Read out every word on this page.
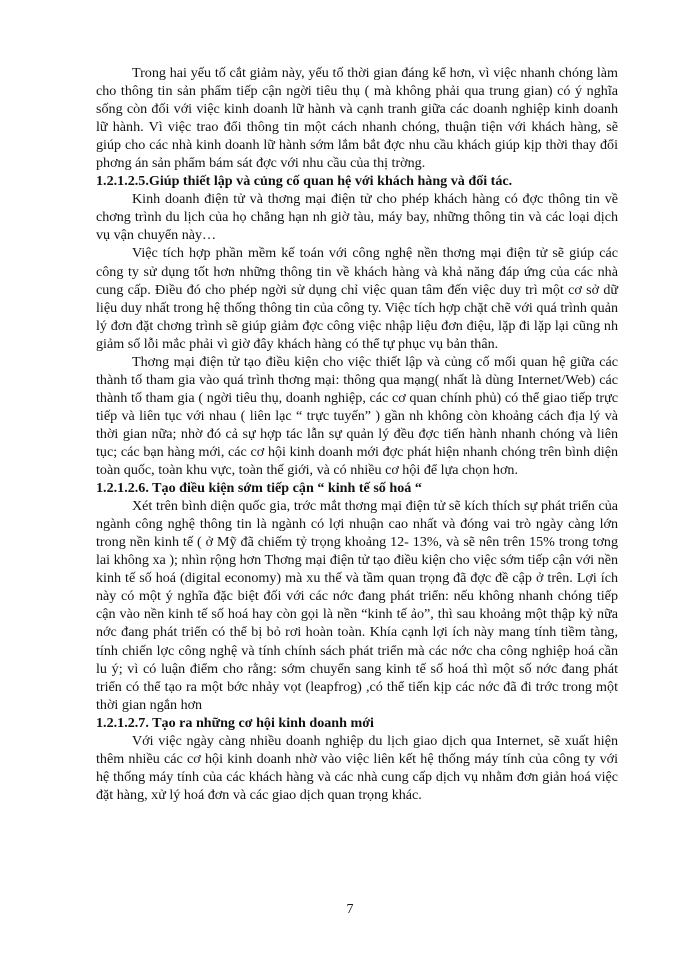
Trong hai yếu tố cắt giảm này, yếu tố thời gian đáng kể hơn, vì việc nhanh chóng làm cho thông tin sản phẩm tiếp cận ngời tiêu thụ ( mà không phải qua trung gian) có ý nghĩa sống còn đối với việc kinh doanh lữ hành và cạnh tranh giữa các doanh nghiệp kinh doanh lữ hành. Vì việc trao đổi thông tin một cách nhanh chóng, thuận tiện với khách hàng, sẽ giúp cho các nhà kinh doanh lữ hành sớm lắm bắt đợc nhu cầu khách giúp kịp thời thay đổi phơng án sản phẩm bám sát đợc với nhu cầu của thị trờng.

1.2.1.2.5.Giúp thiết lập và củng cố quan hệ với khách hàng và đối tác.

Kinh doanh điện tử và thơng mại điện tử cho phép khách hàng có đợc thông tin về chơng trình du lịch của họ chẳng hạn nh giờ tàu, máy bay, những thông tin và các loại dịch vụ vận chuyển này…

Việc tích hợp phần mềm kế toán với công nghệ nền thơng mại điện tử sẽ giúp các công ty sử dụng tốt hơn những thông tin về khách hàng và khả năng đáp ứng của các nhà cung cấp. Điều đó cho phép ngời sử dụng chỉ việc quan tâm đến việc duy trì một cơ sở dữ liệu duy nhất trong hệ thống thông tin của công ty. Việc tích hợp chặt chẽ với quá trình quản lý đơn đặt chơng trình sẽ giúp giảm đợc công việc nhập liệu đơn điệu, lặp đi lặp lại cũng nh giảm số lỗi mắc phải vì giờ đây khách hàng có thể tự phục vụ bản thân.

Thơng mại điện tử tạo điều kiện cho việc thiết lập và củng cố mối quan hệ giữa các thành tố tham gia vào quá trình thơng mại: thông qua mạng( nhất là dùng Internet/Web) các thành tố tham gia ( ngời tiêu thụ, doanh nghiệp, các cơ quan chính phủ) có thể giao tiếp trực tiếp và liên tục với nhau ( liên lạc “ trực tuyến” ) gần nh không còn khoảng cách địa lý và thời gian nữa; nhờ đó cả sự hợp tác lẫn sự quản lý đều đợc tiến hành nhanh chóng và liên tục; các bạn hàng mới, các cơ hội kinh doanh mới đợc phát hiện nhanh chóng trên bình diện toàn quốc, toàn khu vực, toàn thế giới, và có nhiều cơ hội để lựa chọn hơn.

1.2.1.2.6. Tạo điều kiện sớm tiếp cận “ kinh tế số hoá “

Xét trên bình diện quốc gia, trớc mắt thơng mại điện tử sẽ kích thích sự phát triển của ngành công nghệ thông tin là ngành có lợi nhuận cao nhất và đóng vai trò ngày càng lớn trong nền kinh tế ( ở Mỹ đã chiếm tỷ trọng khoảng 12- 13%, và sẽ nên trên 15% trong tơng lai không xa ); nhìn rộng hơn Thơng mại điện tử tạo điều kiện cho việc sớm tiếp cận với nền kinh tế số hoá (digital economy) mà xu thế và tầm quan trọng đã đợc đề cập ở trên. Lợi ích này có một ý nghĩa đặc biệt đối với các nớc đang phát triển: nếu không nhanh chóng tiếp cận vào nền kinh tế số hoá hay còn gọi là nền “kinh tế ảo”, thì sau khoảng một thập kỷ nữa nớc đang phát triển có thể bị bỏ rơi hoàn toàn. Khía cạnh lợi ích này mang tính tiềm tàng, tính chiến lợc công nghệ và tính chính sách phát triển mà các nớc cha công nghiệp hoá cần lu ý; vì có luận điểm cho rằng: sớm chuyển sang kinh tế số hoá thì một số nớc đang phát triển có thể tạo ra một bớc nhảy vọt (leapfrog) ,có thể tiến kịp các nớc đã đi trớc trong một thời gian ngắn hơn

1.2.1.2.7. Tạo ra những cơ hội kinh doanh mới

Với việc ngày càng nhiều doanh nghiệp du lịch giao dịch qua Internet, sẽ xuất hiện thêm nhiều các cơ hội kinh doanh nhờ vào việc liên kết hệ thống máy tính của công ty với hệ thống máy tính của các khách hàng và các nhà cung cấp dịch vụ nhằm đơn giản hoá việc đặt hàng, xử lý hoá đơn và các giao dịch quan trọng khác.

7
